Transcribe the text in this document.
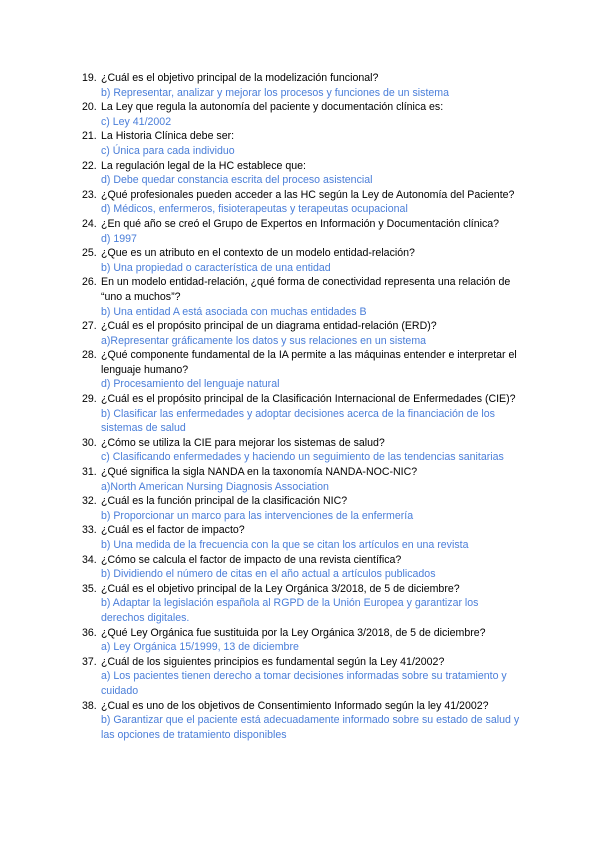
19. ¿Cuál es el objetivo principal de la modelización funcional?
b) Representar, analizar y mejorar los procesos y funciones de un sistema
20. La Ley que regula la autonomía del paciente y documentación clínica es:
c) Ley 41/2002
21. La Historia Clínica debe ser:
c) Única para cada individuo
22. La regulación legal de la HC establece que:
d) Debe quedar constancia escrita del proceso asistencial
23. ¿Qué profesionales pueden acceder a las HC según la Ley de Autonomía del Paciente?
d) Médicos, enfermeros, fisioterapeutas y terapeutas ocupacional
24. ¿En qué año se creó el Grupo de Expertos en Información y Documentación clínica?
d) 1997
25. ¿Que es un atributo en el contexto de un modelo entidad-relación?
b) Una propiedad o característica de una entidad
26. En un modelo entidad-relación, ¿qué forma de conectividad representa una relación de “uno a muchos”?
b) Una entidad A está asociada con muchas entidades B
27. ¿Cuál es el propósito principal de un diagrama entidad-relación (ERD)?
a)Representar gráficamente los datos y sus relaciones en un sistema
28. ¿Qué componente fundamental de la IA permite a las máquinas entender e interpretar el lenguaje humano?
d) Procesamiento del lenguaje natural
29. ¿Cuál es el propósito principal de la Clasificación Internacional de Enfermedades (CIE)?
b) Clasificar las enfermedades y adoptar decisiones acerca de la financiación de los sistemas de salud
30. ¿Cómo se utiliza la CIE para mejorar los sistemas de salud?
c) Clasificando enfermedades y haciendo un seguimiento de las tendencias sanitarias
31. ¿Qué significa la sigla NANDA en la taxonomía NANDA-NOC-NIC?
a)North American Nursing Diagnosis Association
32. ¿Cuál es la función principal de la clasificación NIC?
b) Proporcionar un marco para las intervenciones de la enfermería
33. ¿Cuál es el factor de impacto?
b) Una medida de la frecuencia con la que se citan los artículos en una revista
34. ¿Cómo se calcula el factor de impacto de una revista científica?
b) Dividiendo el número de citas en el año actual a artículos publicados
35. ¿Cuál es el objetivo principal de la Ley Orgánica 3/2018, de 5 de diciembre?
b) Adaptar la legislación española al RGPD de la Unión Europea y garantizar los derechos digitales.
36. ¿Qué Ley Orgánica fue sustituida por la Ley Orgánica 3/2018, de 5 de diciembre?
a) Ley Orgánica 15/1999, 13 de diciembre
37. ¿Cuál de los siguientes principios es fundamental según la Ley 41/2002?
a) Los pacientes tienen derecho a tomar decisiones informadas sobre su tratamiento y cuidado
38. ¿Cual es uno de los objetivos de Consentimiento Informado según la ley 41/2002?
b) Garantizar que el paciente está adecuadamente informado sobre su estado de salud y las opciones de tratamiento disponibles
